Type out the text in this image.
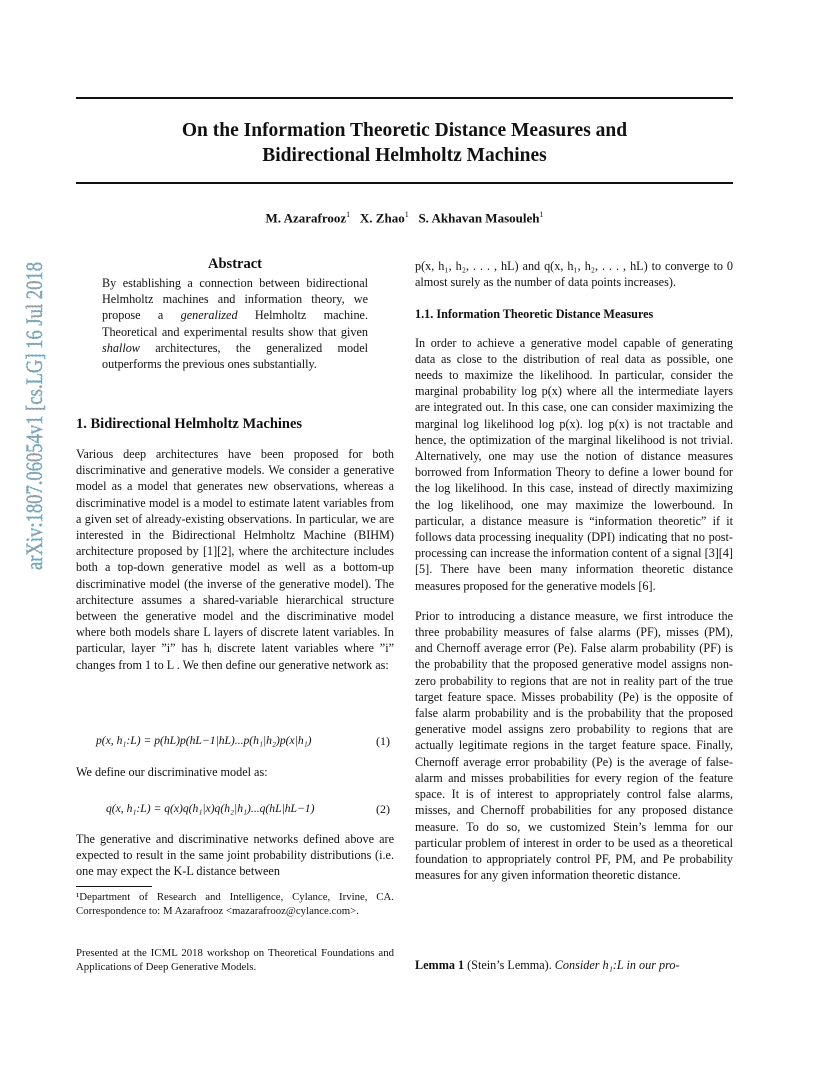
On the Information Theoretic Distance Measures and
Bidirectional Helmholtz Machines
M. Azarafrooz$^1$ X. Zhao$^1$ S. Akhavan Masouleh$^1$
arXiv:1807.06054v1 [cs.LG] 16 Jul 2018	Abstract
By establishing a connection between bidirectional Helmholtz machines and information theory, we propose a generalized Helmholtz machine. Theoretical and experimental results show that given shallow architectures, the generalized model outperforms the previous ones substantially.
1. Bidirectional Helmholtz Machines

Various deep architectures have been proposed for both discriminative and generative models. We consider a generative model as a model that generates new observations, whereas a discriminative model is a model to estimate latent variables from a given set of already-existing observations. In particular, we are interested in the Bidirectional Helmholtz Machine (BIHM) architecture proposed by [1][2], where the architecture includes both a top-down generative model as well as a bottom-up discriminative model (the inverse of the generative model). The architecture assumes a shared-variable hierarchical structure between the generative model and the discriminative model where both models share L layers of discrete latent variables. In particular, layer ”i” has hᵢ discrete latent variables where ”i” changes from 1 to L . We then define our generative network as:

p(x, h₁:L) = p(hL)p(hL−1|hL)...p(h₁|h₂)p(x|h₁)	(1)
We define our discriminative model as:
q(x, h₁:L) = q(x)q(h₁|x)q(h₂|h₁)...q(hL|hL−1)	(2)
The generative and discriminative networks defined above are expected to result in the same joint probability distributions (i.e. one may expect the K-L distance between
¹Department of Research and Intelligence, Cylance, Irvine, CA. Correspondence to: M Azarafrooz <mazarafrooz@cylance.com>.
Presented at the ICML 2018 workshop on Theoretical Foundations and Applications of Deep Generative Models.

p(x, h₁, h₂, . . . , hL) and q(x, h₁, h₂, . . . , hL) to converge to 0 almost surely as the number of data points increases).

1.1. Information Theoretic Distance Measures

In order to achieve a generative model capable of generating data as close to the distribution of real data as possible, one needs to maximize the likelihood. In particular, consider the marginal probability log p(x) where all the intermediate layers are integrated out. In this case, one can consider maximizing the marginal log likelihood log p(x). log p(x) is not tractable and hence, the optimization of the marginal likelihood is not trivial. Alternatively, one may use the notion of distance measures borrowed from Information Theory to define a lower bound for the log likelihood. In this case, instead of directly maximizing the log likelihood, one may maximize the lowerbound. In particular, a distance measure is “information theoretic” if it follows data processing inequality (DPI) indicating that no post-processing can increase the information content of a signal [3][4][5]. There have been many information theoretic distance measures proposed for the generative models [6].

Prior to introducing a distance measure, we first introduce the three probability measures of false alarms (PF), misses (PM), and Chernoff average error (Pe). False alarm probability (PF) is the probability that the proposed generative model assigns non-zero probability to regions that are not in reality part of the true target feature space. Misses probability (Pe) is the opposite of false alarm probability and is the probability that the proposed generative model assigns zero probability to regions that are actually legitimate regions in the target feature space. Finally, Chernoff average error probability (Pe) is the average of false-alarm and misses probabilities for every region of the feature space. It is of interest to appropriately control false alarms, misses, and Chernoff probabilities for any proposed distance measure. To do so, we customized Stein’s lemma for our particular problem of interest in order to be used as a theoretical foundation to appropriately control PF, PM, and Pe probability measures for any given information theoretic distance.

Lemma 1 (Stein’s Lemma). Consider h₁:L in our pro-
